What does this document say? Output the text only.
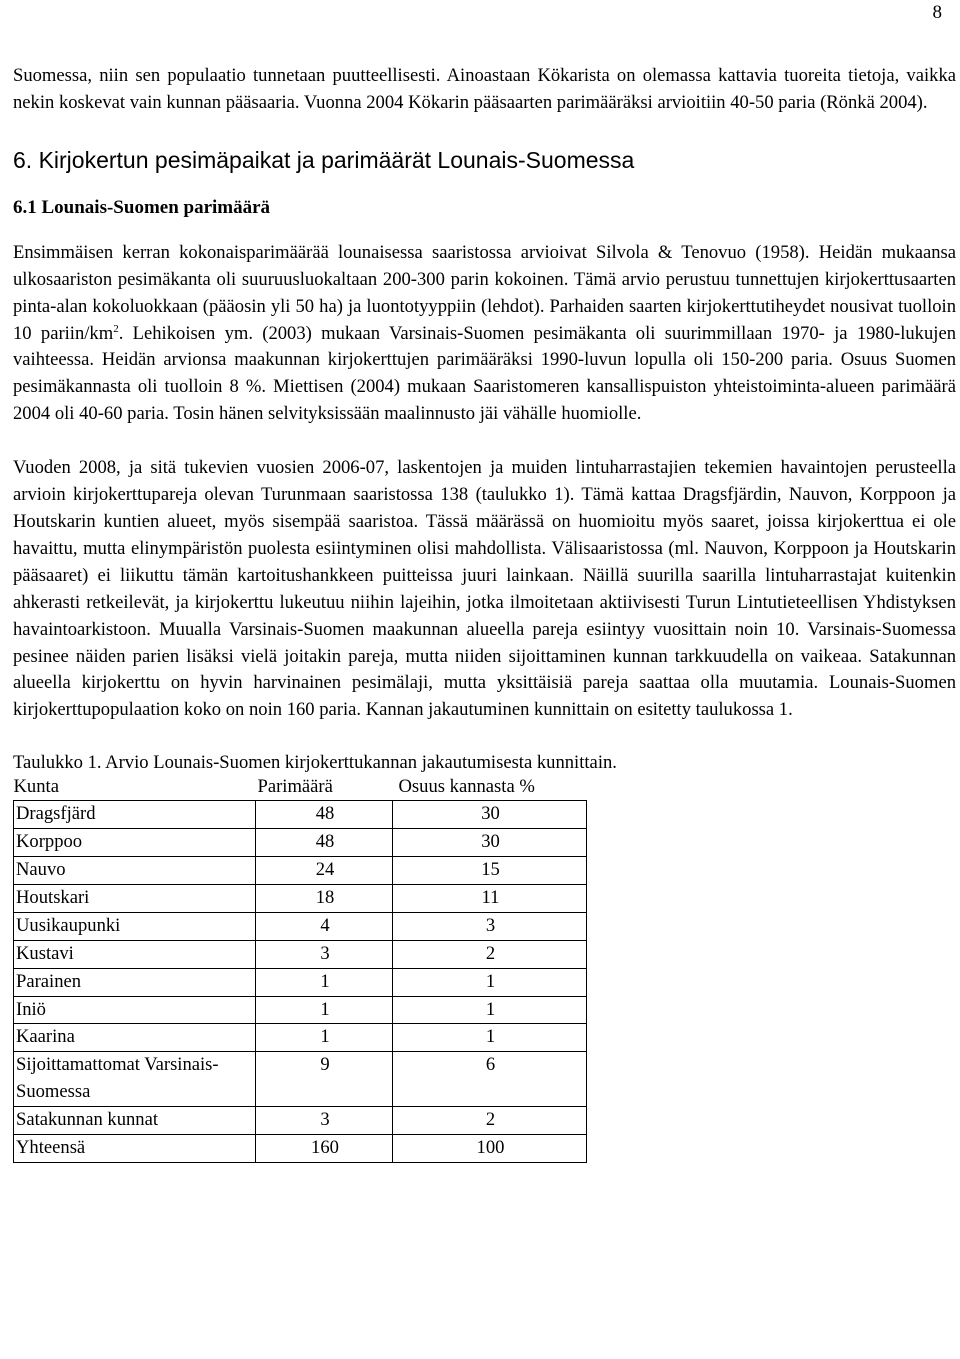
8

Suomessa, niin sen populaatio tunnetaan puutteellisesti. Ainoastaan Kökarista on olemassa kattavia tuoreita tietoja, vaikka nekin koskevat vain kunnan pääsaaria. Vuonna 2004 Kökarin pääsaarten parimääräksi arvioitiin 40-50 paria (Rönkä 2004).

6. Kirjokertun pesimäpaikat ja parimäärät Lounais-Suomessa
6.1 Lounais-Suomen parimäärä

Ensimmäisen kerran kokonaisparimäärää lounaisessa saaristossa arvioivat Silvola & Tenovuo (1958). Heidän mukaansa ulkosaariston pesimäkanta oli suuruusluokaltaan 200-300 parin kokoinen. Tämä arvio perustuu tunnettujen kirjokerttusaarten pinta-alan kokoluokkaan (pääosin yli 50 ha) ja luontotyyppiin (lehdot). Parhaiden saarten kirjokerttutiheydet nousivat tuolloin 10 pariin/$km^2$. Lehikoisen ym. (2003) mukaan Varsinais-Suomen pesimäkanta oli suurimmillaan 1970- ja 1980-lukujen vaihteessa. Heidän arvionsa maakunnan kirjokerttujen parimääräksi 1990-luvun lopulla oli 150-200 paria. Osuus Suomen pesimäkannasta oli tuolloin 8 %. Miettisen (2004) mukaan Saaristomeren kansallispuiston yhteistoiminta-alueen parimäärä 2004 oli 40-60 paria. Tosin hänen selvityksissään maalinnusto jäi vähälle huomiolle.

Vuoden 2008, ja sitä tukevien vuosien 2006-07, laskentojen ja muiden lintuharrastajien tekemien havaintojen perusteella arvioin kirjokerttupareja olevan Turunmaan saaristossa 138 (taulukko 1). Tämä kattaa Dragsfjärdin, Nauvon, Korppoon ja Houtskarin kuntien alueet, myös sisempää saaristoa. Tässä määrässä on huomioitu myös saaret, joissa kirjokerttua ei ole havaittu, mutta elinympäristön puolesta esiintyminen olisi mahdollista. Välisaaristossa (ml. Nauvon, Korppoon ja Houtskarin pääsaaret) ei liikuttu tämän kartoitushankkeen puitteissa juuri lainkaan. Näillä suurilla saarilla lintuharrastajat kuitenkin ahkerasti retkeilevät, ja kirjokerttu lukeutuu niihin lajeihin, jotka ilmoitetaan aktiivisesti Turun Lintutieteellisen Yhdistyksen havaintoarkistoon. Muualla Varsinais-Suomen maakunnan alueella pareja esiintyy vuosittain noin 10. Varsinais-Suomessa pesinee näiden parien lisäksi vielä joitakin pareja, mutta niiden sijoittaminen kunnan tarkkuudella on vaikeaa. Satakunnan alueella kirjokerttu on hyvin harvinainen pesimälaji, mutta yksittäisiä pareja saattaa olla muutamia. Lounais-Suomen kirjokerttupopulaation koko on noin 160 paria. Kannan jakautuminen kunnittain on esitetty taulukossa 1.

Taulukko 1. Arvio Lounais-Suomen kirjokerttukannan jakautumisesta kunnittain.

Kunta	Parimäärä	Osuus kannasta %
Dragsfjärd	48	30
Korppoo	48	30
Nauvo	24	15
Houtskari	18	11
Uusikaupunki	4	3
Kustavi	3	2
Parainen	1	1
Iniö	1	1
Kaarina	1	1
Sijoittamattomat Varsinais-Suomessa	9	6
Satakunnan kunnat	3	2
Yhteensä	160	100
